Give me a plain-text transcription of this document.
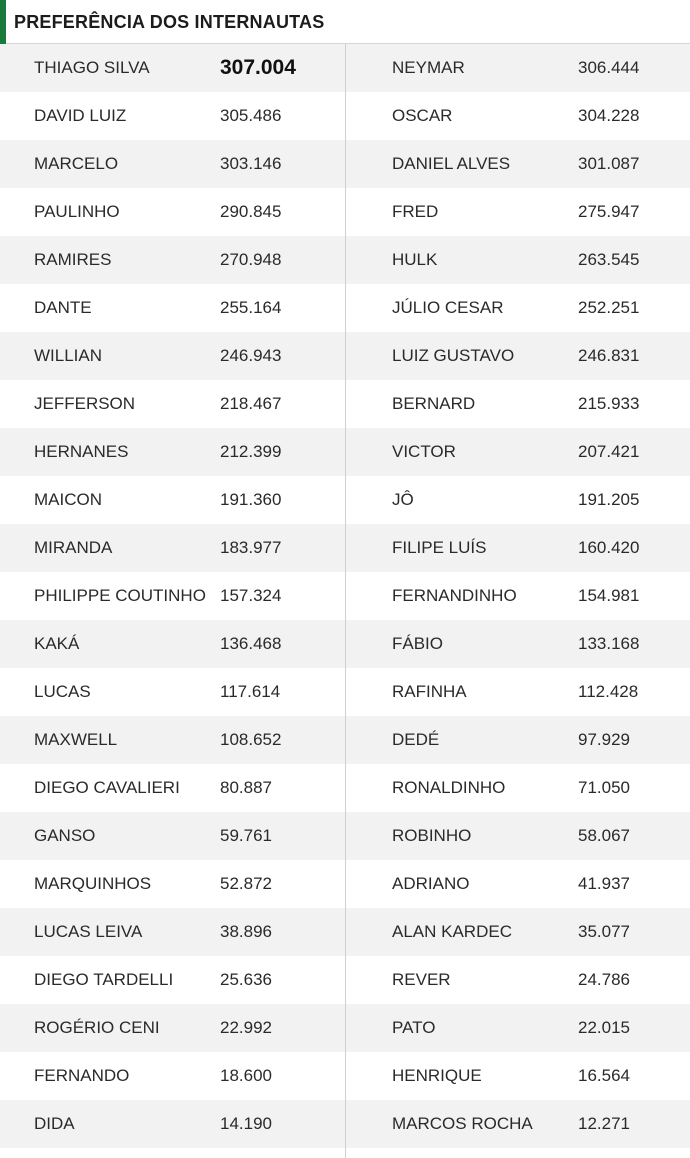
PREFERÊNCIA DOS INTERNAUTAS
THIAGO SILVA	307.004	NEYMAR	306.444
DAVID LUIZ	305.486	OSCAR	304.228
MARCELO	303.146	DANIEL ALVES	301.087
PAULINHO	290.845	FRED	275.947
RAMIRES	270.948	HULK	263.545
DANTE	255.164	JÚLIO CESAR	252.251
WILLIAN	246.943	LUIZ GUSTAVO	246.831
JEFFERSON	218.467	BERNARD	215.933
HERNANES	212.399	VICTOR	207.421
MAICON	191.360	JÔ	191.205
MIRANDA	183.977	FILIPE LUÍS	160.420
PHILIPPE COUTINHO 157.324	FERNANDINHO	154.981
KAKÁ	136.468	FÁBIO	133.168
LUCAS	117.614	RAFINHA	112.428
MAXWELL	108.652	DEDÉ	97.929
DIEGO CAVALIERI 80.887	RONALDINHO	71.050
GANSO	59.761	ROBINHO	58.067
MARQUINHOS	52.872	ADRIANO	41.937
LUCAS LEIVA	38.896	ALAN KARDEC	35.077
DIEGO TARDELLI	25.636	REVER	24.786
ROGÉRIO CENI	22.992	PATO	22.015
FERNANDO	18.600	HENRIQUE	16.564
DIDA	14.190	MARCOS ROCHA	12.271
